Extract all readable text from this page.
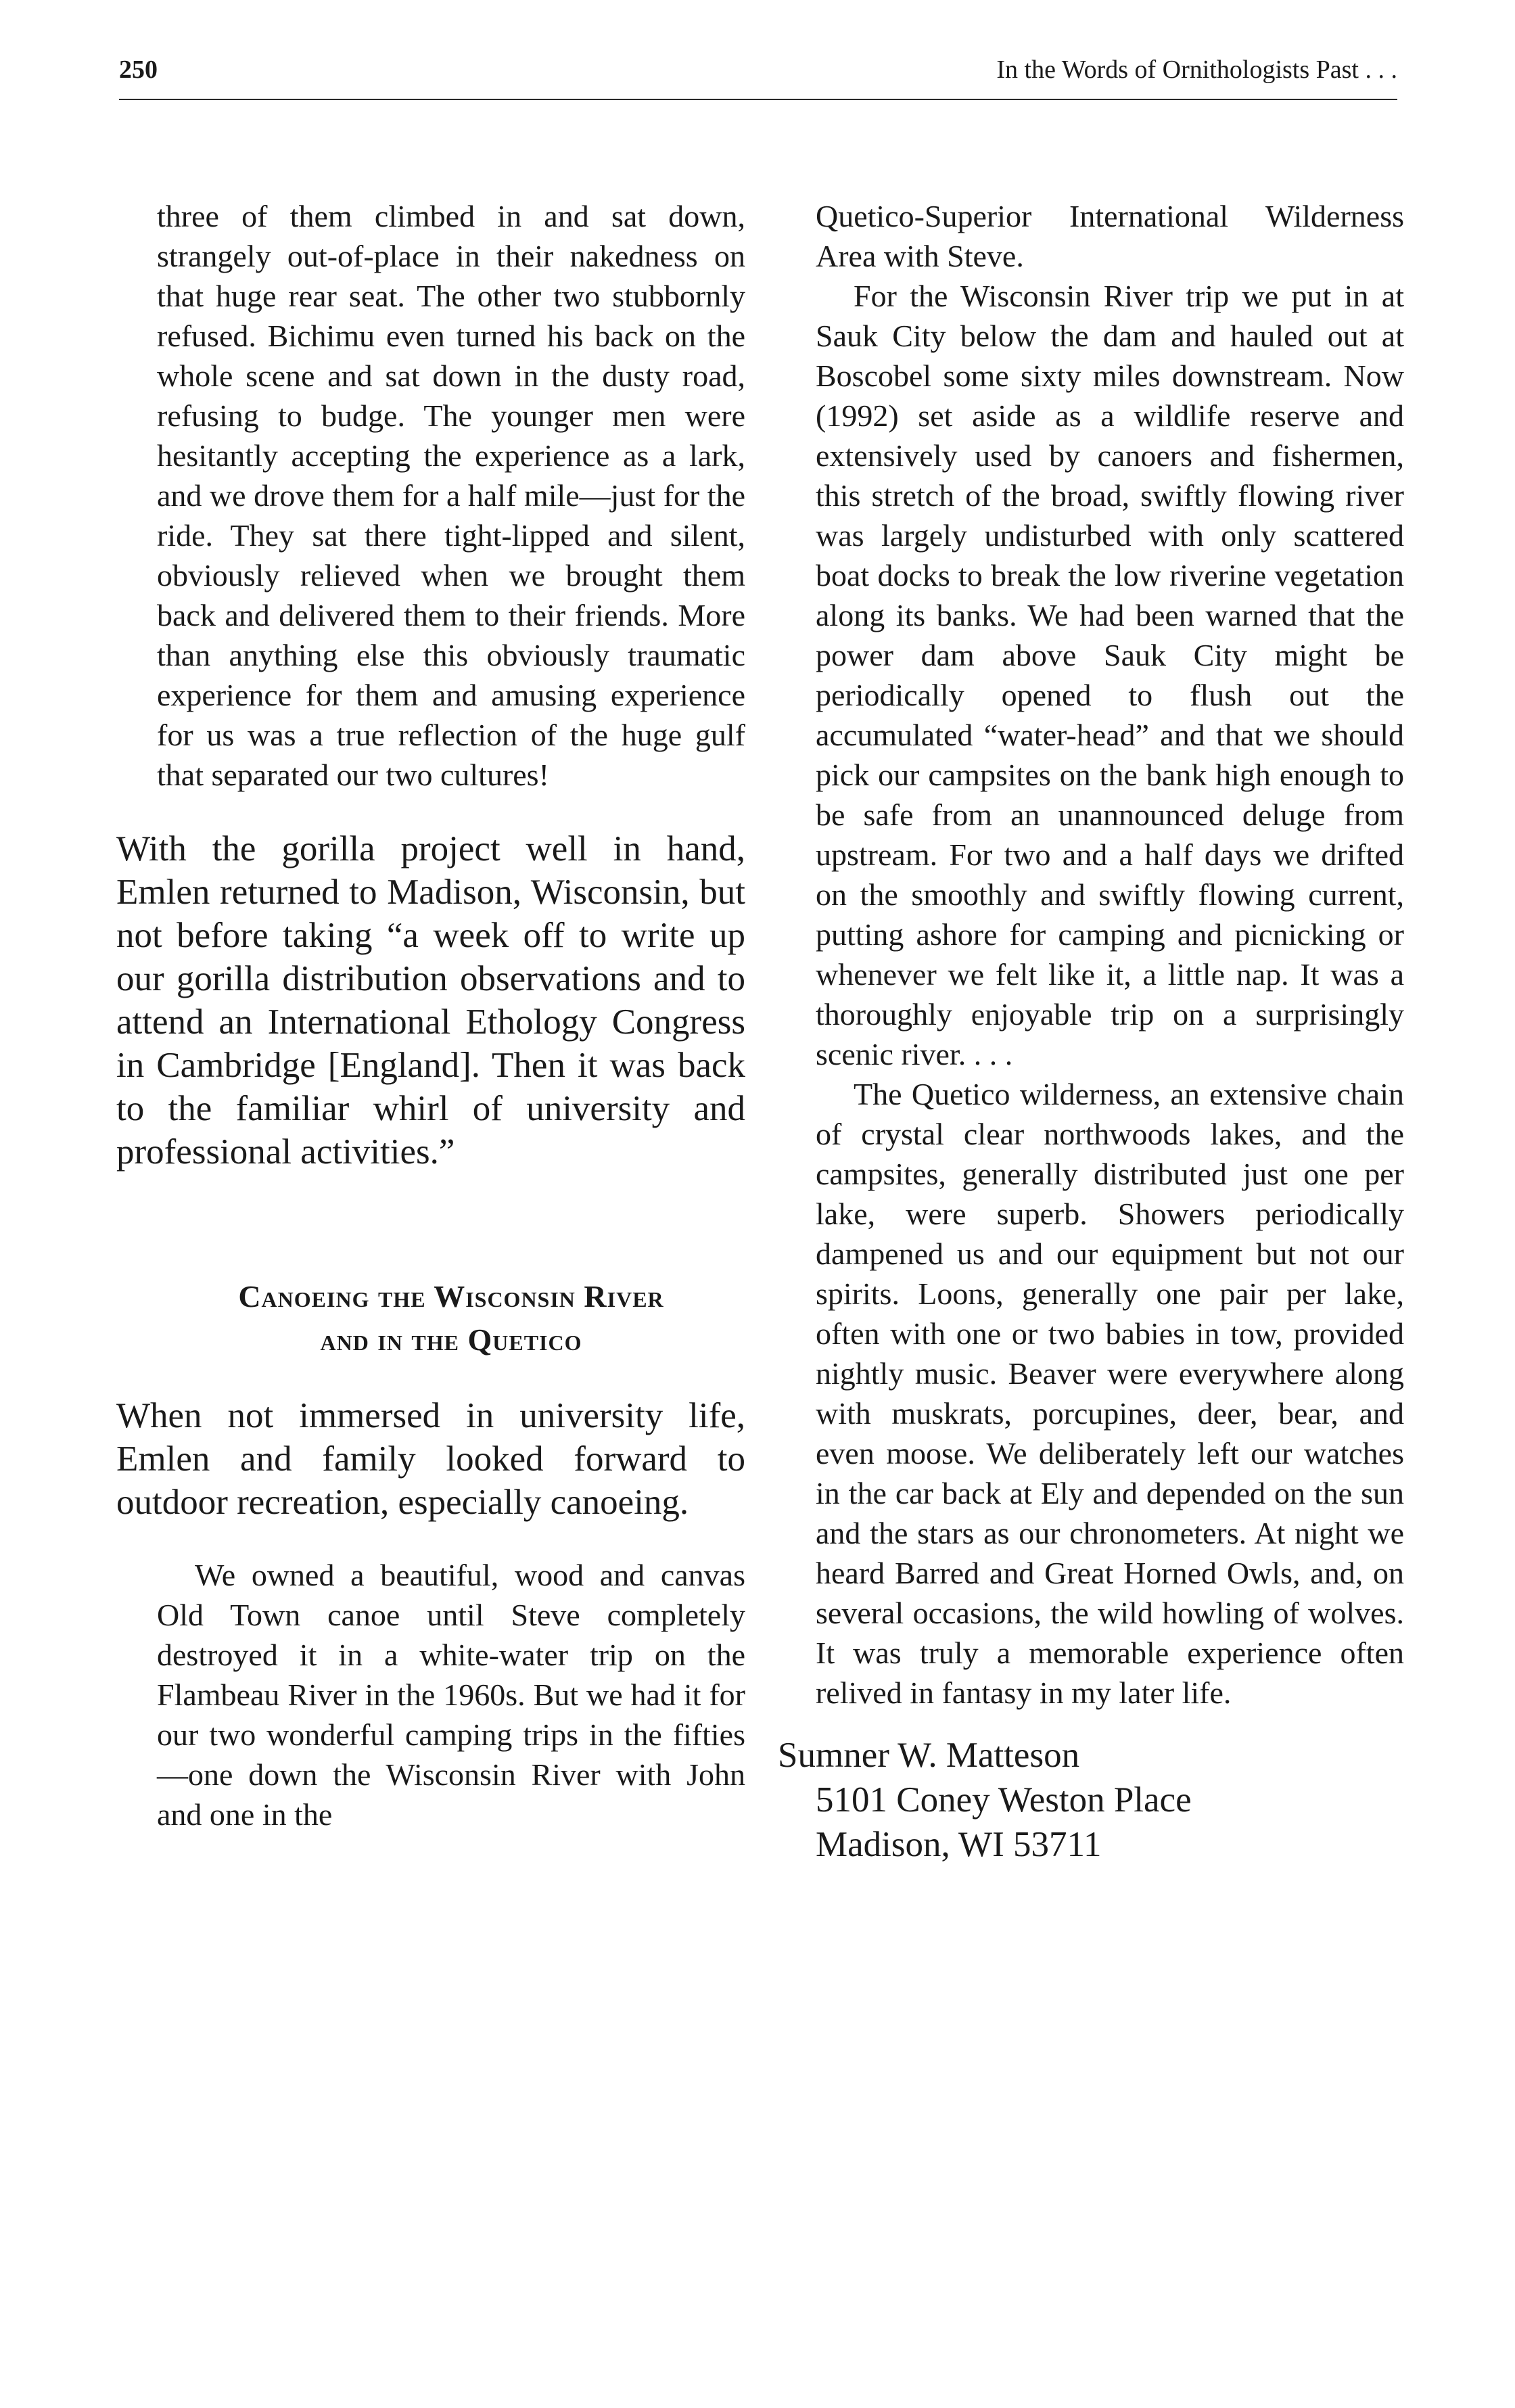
250	In the Words of Ornithologists Past . . .

three of them climbed in and sat down, strangely out-of-place in their nakedness on that huge rear seat. The other two stubbornly refused. Bichimu even turned his back on the whole scene and sat down in the dusty road, refusing to budge. The younger men were hesitantly accepting the experience as a lark, and we drove them for a half mile—just for the ride. They sat there tight-lipped and silent, obviously relieved when we brought them back and delivered them to their friends. More than anything else this obviously traumatic experience for them and amusing experience for us was a true reflection of the huge gulf that separated our two cultures!

With the gorilla project well in hand, Emlen returned to Madison, Wisconsin, but not before taking “a week off to write up our gorilla distribution observations and to attend an International Ethology Congress in Cambridge [England]. Then it was back to the familiar whirl of university and professional activities.”

Canoeing the Wisconsin River
and in the Quetico

When not immersed in university life, Emlen and family looked forward to outdoor recreation, especially canoeing.

We owned a beautiful, wood and canvas Old Town canoe until Steve completely destroyed it in a white-water trip on the Flambeau River in the 1960s. But we had it for our two wonderful camping trips in the fifties—one down the Wisconsin River with John and one in the

Quetico-Superior International Wilderness Area with Steve.

For the Wisconsin River trip we put in at Sauk City below the dam and hauled out at Boscobel some sixty miles downstream. Now (1992) set aside as a wildlife reserve and extensively used by canoers and fishermen, this stretch of the broad, swiftly flowing river was largely undisturbed with only scattered boat docks to break the low riverine vegetation along its banks. We had been warned that the power dam above Sauk City might be periodically opened to flush out the accumulated “water-head” and that we should pick our campsites on the bank high enough to be safe from an unannounced deluge from upstream. For two and a half days we drifted on the smoothly and swiftly flowing current, putting ashore for camping and picnicking or whenever we felt like it, a little nap. It was a thoroughly enjoyable trip on a surprisingly scenic river. . . .

The Quetico wilderness, an extensive chain of crystal clear northwoods lakes, and the campsites, generally distributed just one per lake, were superb. Showers periodically dampened us and our equipment but not our spirits. Loons, generally one pair per lake, often with one or two babies in tow, provided nightly music. Beaver were everywhere along with muskrats, porcupines, deer, bear, and even moose. We deliberately left our watches in the car back at Ely and depended on the sun and the stars as our chronometers. At night we heard Barred and Great Horned Owls, and, on several occasions, the wild howling of wolves. It was truly a memorable experience often relived in fantasy in my later life.

Sumner W. Matteson
5101 Coney Weston Place
Madison, WI 53711
